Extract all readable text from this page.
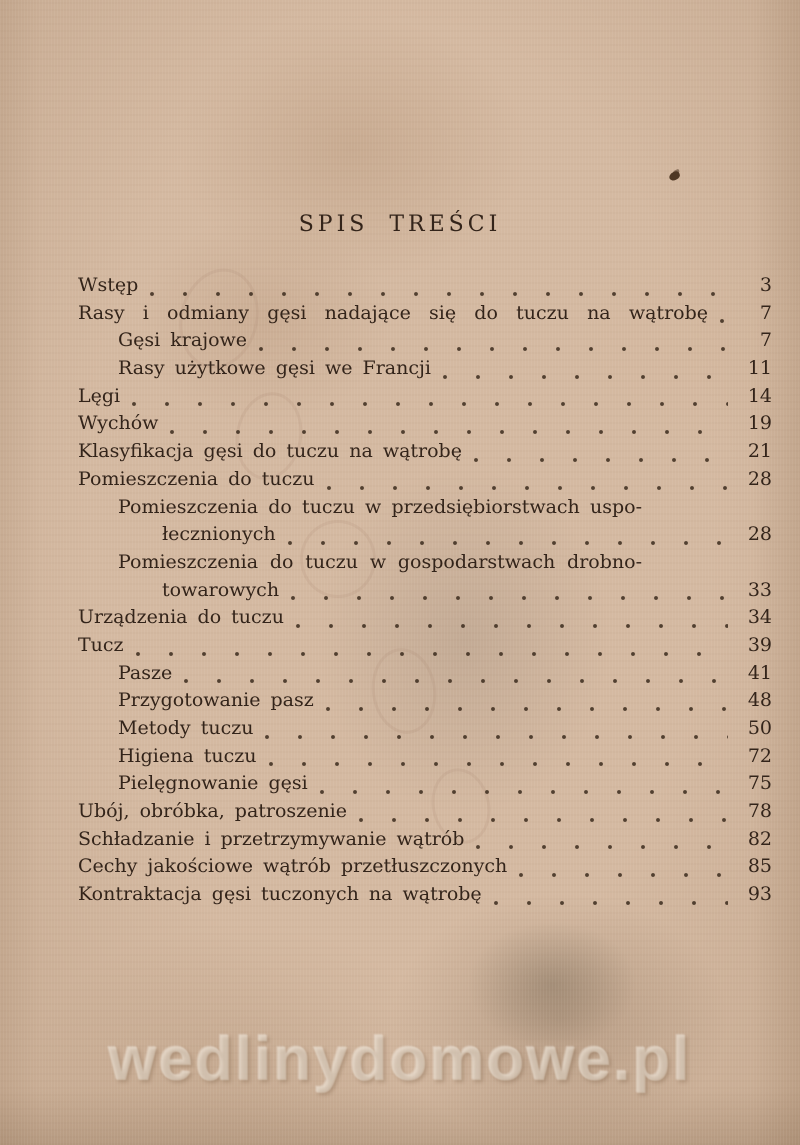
SPIS TREŚCI
Wstęp	3
Rasy i odmiany gęsi nadające się do tuczu na wątrobę	7
Gęsi krajowe	7
Rasy użytkowe gęsi we Francji	11
Lęgi	14
Wychów	19
Klasyfikacja gęsi do tuczu na wątrobę	21
Pomieszczenia do tuczu	28
Pomieszczenia do tuczu w przedsiębiorstwach uspo-
łecznionych	28
Pomieszczenia do tuczu w gospodarstwach drobno-
towarowych	33
Urządzenia do tuczu	34
Tucz	39
Pasze	41
Przygotowanie pasz	48
Metody tuczu	50
Higiena tuczu	72
Pielęgnowanie gęsi	75
Ubój, obróbka, patroszenie	78
Schładzanie i przetrzymywanie wątrób	82
Cechy jakościowe wątrób przetłuszczonych	85
Kontraktacja gęsi tuczonych na wątrobę	93
wedlinydomowe.pl
